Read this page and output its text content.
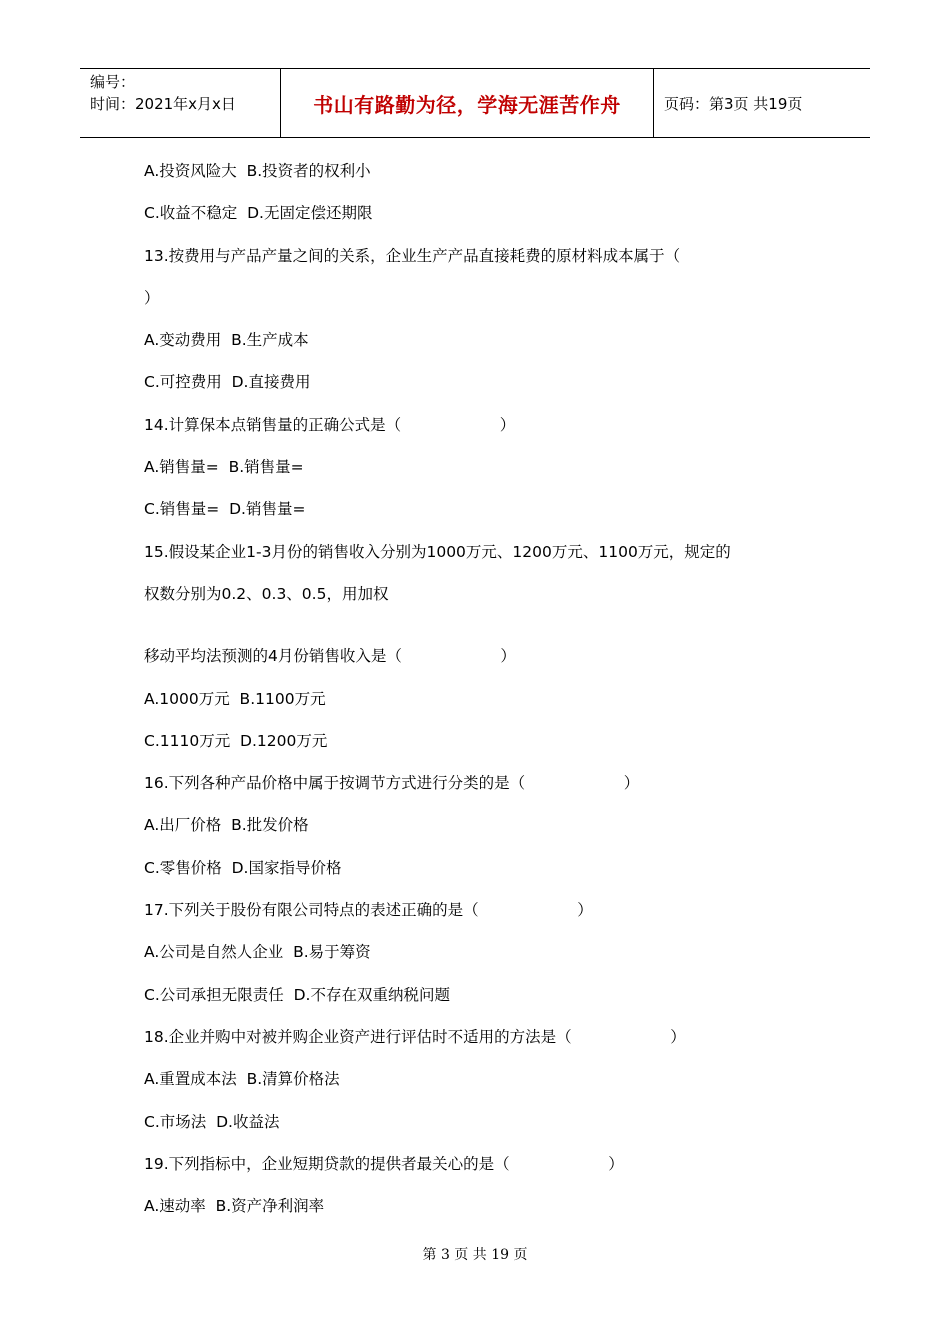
编号：
时间：2021年x月x日	书山有路勤为径，学海无涯苦作舟	页码：第3页 共19页
A.投资风险大  B.投资者的权利小
C.收益不稳定  D.无固定偿还期限
13.按费用与产品产量之间的关系，企业生产产品直接耗费的原材料成本属于（
）
A.变动费用  B.生产成本
C.可控费用  D.直接费用
14.计算保本点销售量的正确公式是（                    ）
A.销售量=  B.销售量=
C.销售量=  D.销售量=
15.假设某企业1-3月份的销售收入分别为1000万元、1200万元、1100万元，规定的
权数分别为0.2、0.3、0.5，用加权
移动平均法预测的4月份销售收入是（                    ）
A.1000万元  B.1100万元
C.1110万元  D.1200万元
16.下列各种产品价格中属于按调节方式进行分类的是（                    ）
A.出厂价格  B.批发价格
C.零售价格  D.国家指导价格
17.下列关于股份有限公司特点的表述正确的是（                    ）
A.公司是自然人企业  B.易于筹资
C.公司承担无限责任  D.不存在双重纳税问题
18.企业并购中对被并购企业资产进行评估时不适用的方法是（                    ）
A.重置成本法  B.清算价格法
C.市场法  D.收益法
19.下列指标中，企业短期贷款的提供者最关心的是（                    ）
A.速动率  B.资产净利润率
第 3 页 共 19 页
